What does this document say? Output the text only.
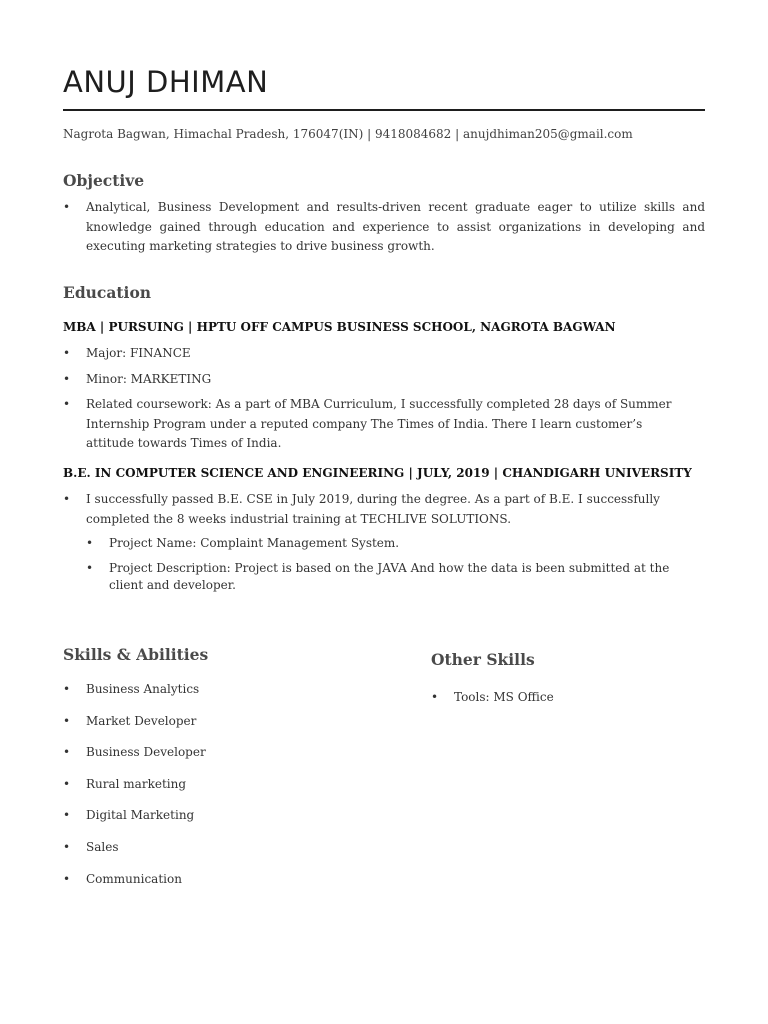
ANUJ DHIMAN
Nagrota Bagwan, Himachal Pradesh, 176047(IN) | 9418084682 | anujdhiman205@gmail.com
Objective
• Analytical, Business Development and results-driven recent graduate eager to utilize skills and knowledge gained through education and experience to assist organizations in developing and executing marketing strategies to drive business growth.
Education
MBA | PURSUING | HPTU OFF CAMPUS BUSINESS SCHOOL, NAGROTA BAGWAN
• Major: FINANCE
• Minor: MARKETING
• Related coursework: As a part of MBA Curriculum, I successfully completed 28 days of Summer Internship Program under a reputed company The Times of India. There I learn customer’s attitude towards Times of India.
B.E. IN COMPUTER SCIENCE AND ENGINEERING | JULY, 2019 | CHANDIGARH UNIVERSITY
• I successfully passed B.E. CSE in July 2019, during the degree. As a part of B.E. I successfully completed the 8 weeks industrial training at TECHLIVE SOLUTIONS.
• Project Name: Complaint Management System.
• Project Description: Project is based on the JAVA And how the data is been submitted at the client and developer.
Skills & Abilities
• Business Analytics
• Market Developer
• Business Developer
• Rural marketing
• Digital Marketing
• Sales
• Communication
Other Skills
• Tools: MS Office
